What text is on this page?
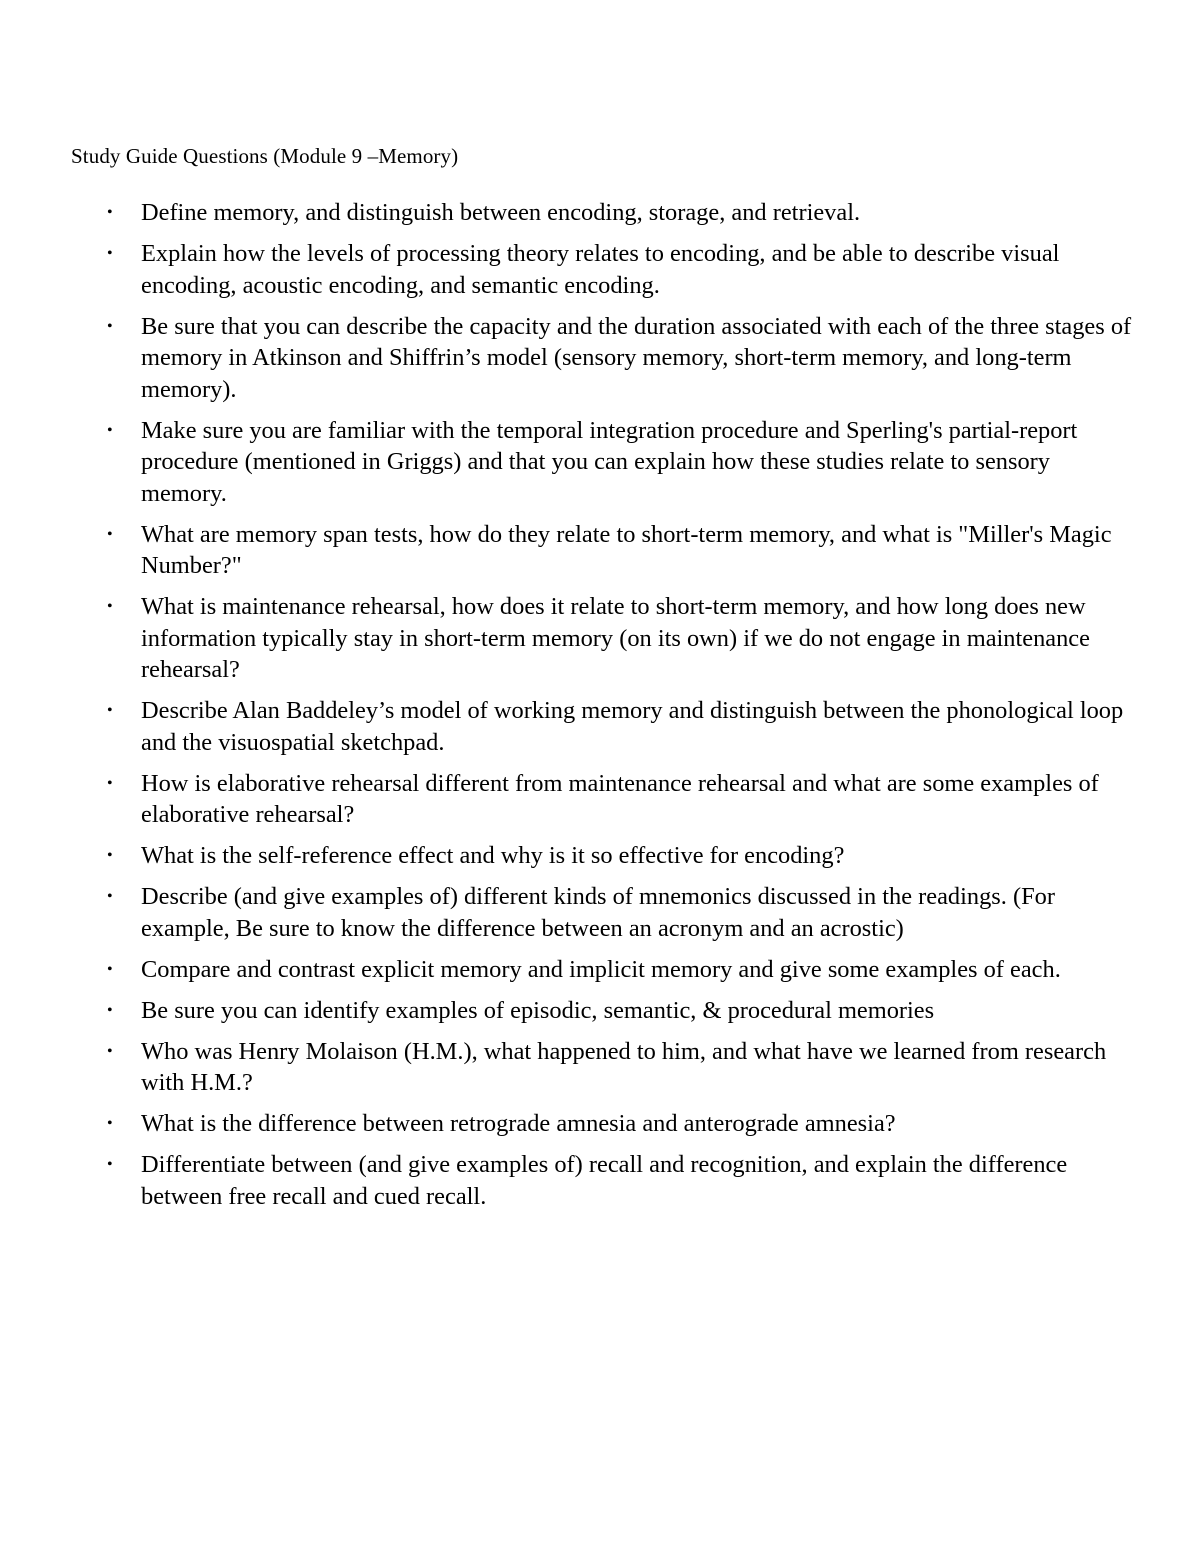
Study Guide Questions (Module 9 –Memory)
• Define memory, and distinguish between encoding, storage, and retrieval.
• Explain how the levels of processing theory relates to encoding, and be able to describe visual encoding, acoustic encoding, and semantic encoding.
• Be sure that you can describe the capacity and the duration associated with each of the three stages of memory in Atkinson and Shiffrin’s model (sensory memory, short-term memory, and long-term memory).
• Make sure you are familiar with the temporal integration procedure and Sperling's partial-report procedure (mentioned in Griggs) and that you can explain how these studies relate to sensory memory.
• What are memory span tests, how do they relate to short-term memory, and what is "Miller's Magic Number?"
• What is maintenance rehearsal, how does it relate to short-term memory, and how long does new information typically stay in short-term memory (on its own) if we do not engage in maintenance rehearsal?
• Describe Alan Baddeley’s model of working memory and distinguish between the phonological loop and the visuospatial sketchpad.
• How is elaborative rehearsal different from maintenance rehearsal and what are some examples of elaborative rehearsal?
• What is the self-reference effect and why is it so effective for encoding?
• Describe (and give examples of) different kinds of mnemonics discussed in the readings. (For example, Be sure to know the difference between an acronym and an acrostic)
• Compare and contrast explicit memory and implicit memory and give some examples of each.
• Be sure you can identify examples of episodic, semantic, & procedural memories
• Who was Henry Molaison (H.M.), what happened to him, and what have we learned from research with H.M.?
• What is the difference between retrograde amnesia and anterograde amnesia?
• Differentiate between (and give examples of) recall and recognition, and explain the difference between free recall and cued recall.
